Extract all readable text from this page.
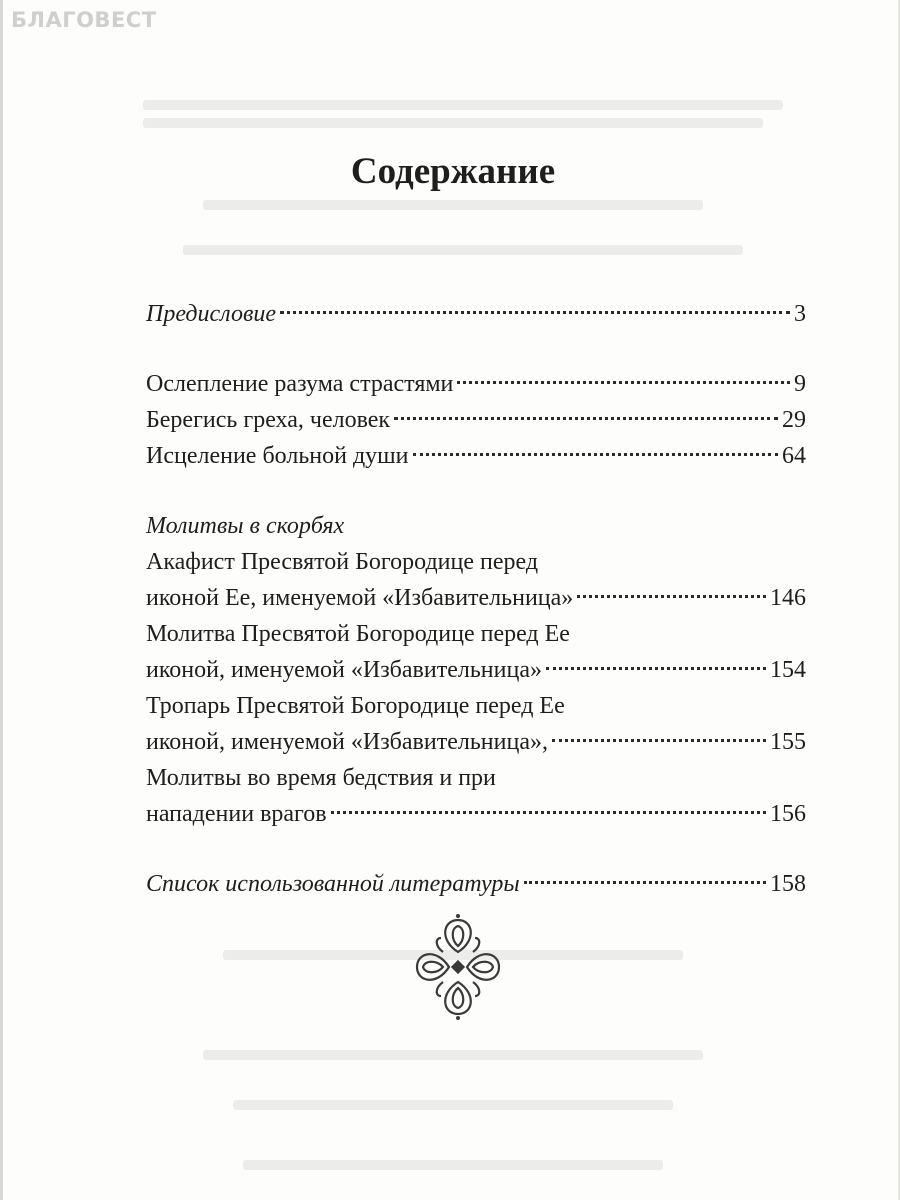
БЛАГОВЕСТ
Содержание
Предисловие	3
Ослепление разума страстями	9
Берегись греха, человек	29
Исцеление больной души	64
Молитвы в скорбях
Акафист Пресвятой Богородице перед
иконой Ее, именуемой «Избавительница»	146
Молитва Пресвятой Богородице перед Ее
иконой, именуемой «Избавительница»	154
Тропарь Пресвятой Богородице перед Ее
иконой, именуемой «Избавительница»,	155
Молитвы во время бедствия и при
нападении врагов	156
Список использованной литературы	158
